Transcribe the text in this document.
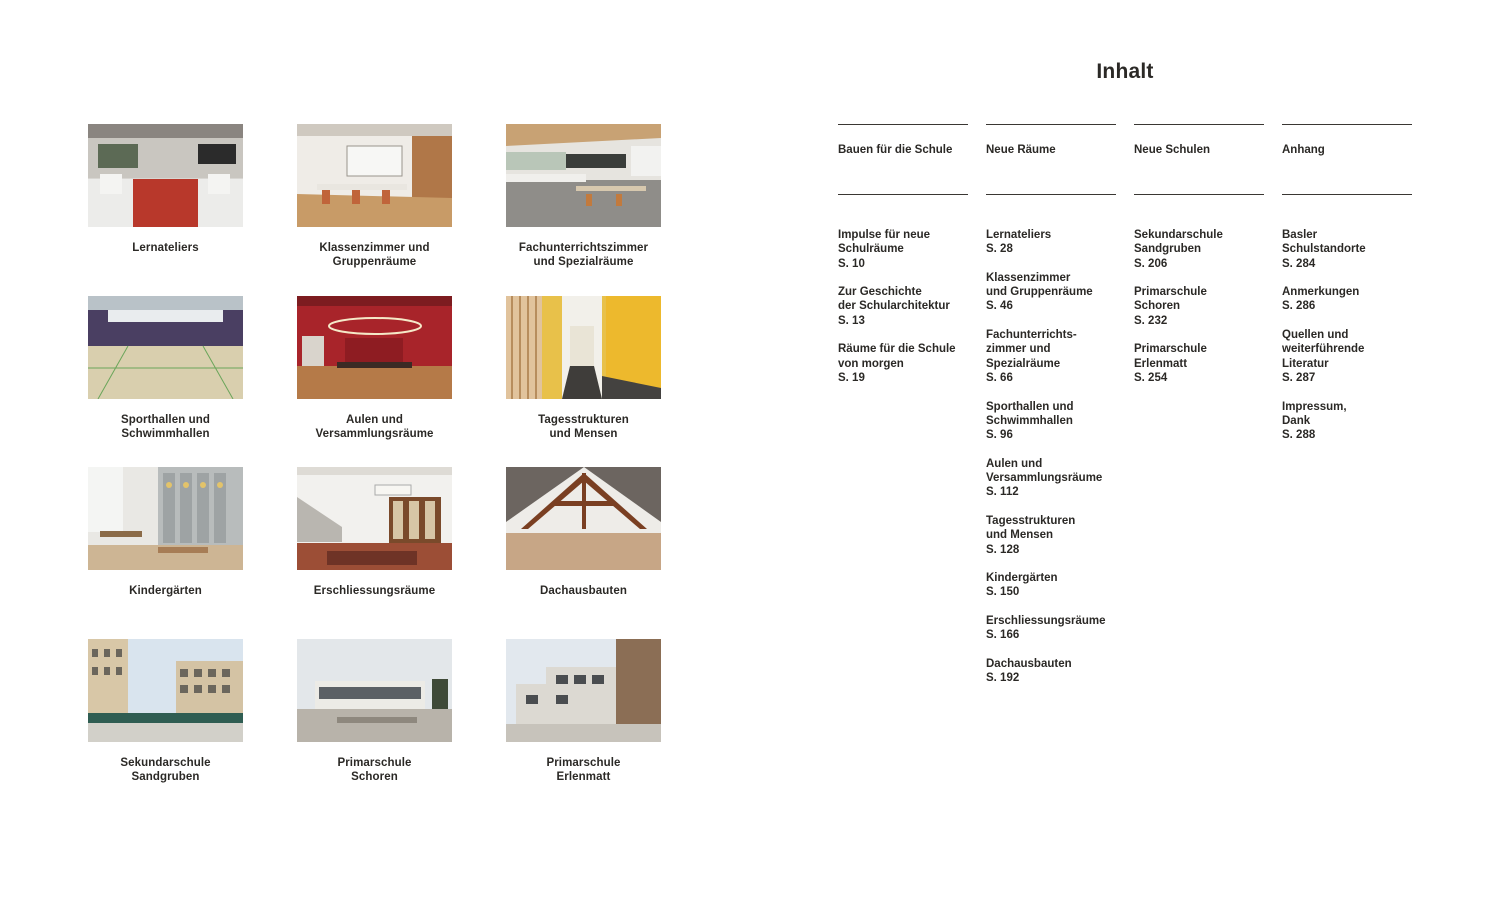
Lernateliers	Klassenzimmer und
Gruppenräume
Fachunterrichtszimmer
und Spezialräume
Sporthallen und
Schwimmhallen
Aulen und
Versammlungsräume
Tagesstrukturen
und Mensen
Kindergärten	Erschliessungsräume	Dachausbauten
Sekundarschule
Sandgruben
Primarschule
Schoren
Primarschule
Erlenmatt
Inhalt
Bauen für die Schule
Impulse für neue
Schulräume
S. 10
Zur Geschichte
der Schularchitektur
S. 13
Räume für die Schule
von morgen
S. 19
Neue Räume
Lernateliers
S. 28
Klassenzimmer
und Gruppenräume
S. 46
Fachunterrichts-
zimmer und
Spezialräume
S. 66
Sporthallen und
Schwimmhallen
S. 96
Aulen und
Versammlungsräume
S. 112
Tagesstrukturen
und Mensen
S. 128
Kindergärten
S. 150
Erschliessungsräume
S. 166
Dachausbauten
S. 192
Neue Schulen
Sekundarschule
Sandgruben
S. 206
Primarschule
Schoren
S. 232
Primarschule
Erlenmatt
S. 254
Anhang
Basler
Schulstandorte
S. 284
Anmerkungen
S. 286
Quellen und
weiterführende
Literatur
S. 287
Impressum,
Dank
S. 288
